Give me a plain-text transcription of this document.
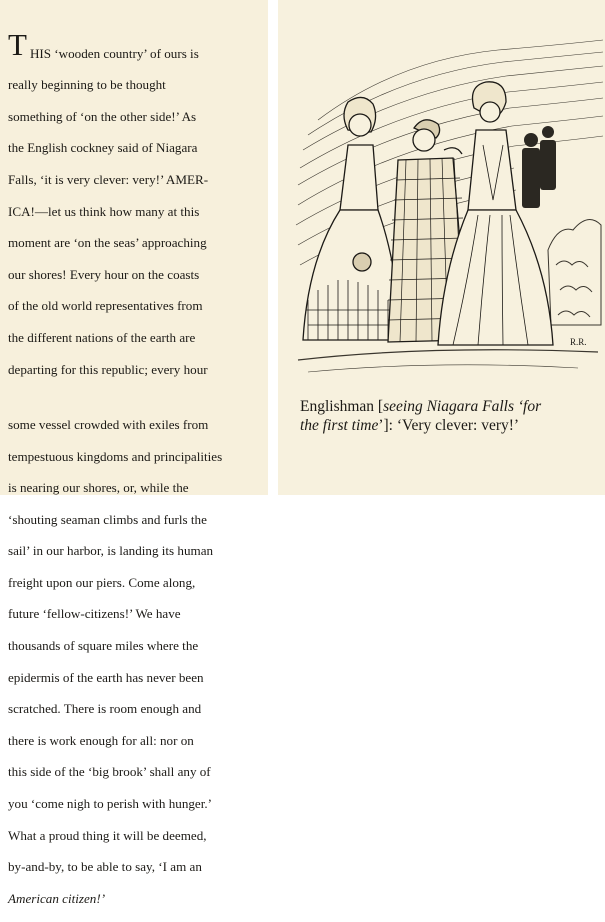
T HIS ‘wooden country’ of ours is

really beginning to be thought

something of ‘on the other side!’ As

the English cockney said of Niagara

Falls, ‘it is very clever: very!’ AMER-

ICA!—let us think how many at this

moment are ‘on the seas’ approaching

our shores! Every hour on the coasts

of the old world representatives from

the different nations of the earth are

departing for this republic; every hour

some vessel crowded with exiles from

tempestuous kingdoms and principalities

is nearing our shores, or, while the

‘shouting seaman climbs and furls the

sail’ in our harbor, is landing its human

freight upon our piers. Come along,

future ‘fellow-citizens!’ We have

thousands of square miles where the

epidermis of the earth has never been

scratched. There is room enough and

there is work enough for all: nor on

this side of the ‘big brook’ shall any of

you ‘come nigh to perish with hunger.’

What a proud thing it will be deemed,

by-and-by, to be able to say, ‘I am an

American citizen!’

R.R.
Englishman [seeing Niagara Falls ‘for
the first time’]: ‘Very clever: very!’
